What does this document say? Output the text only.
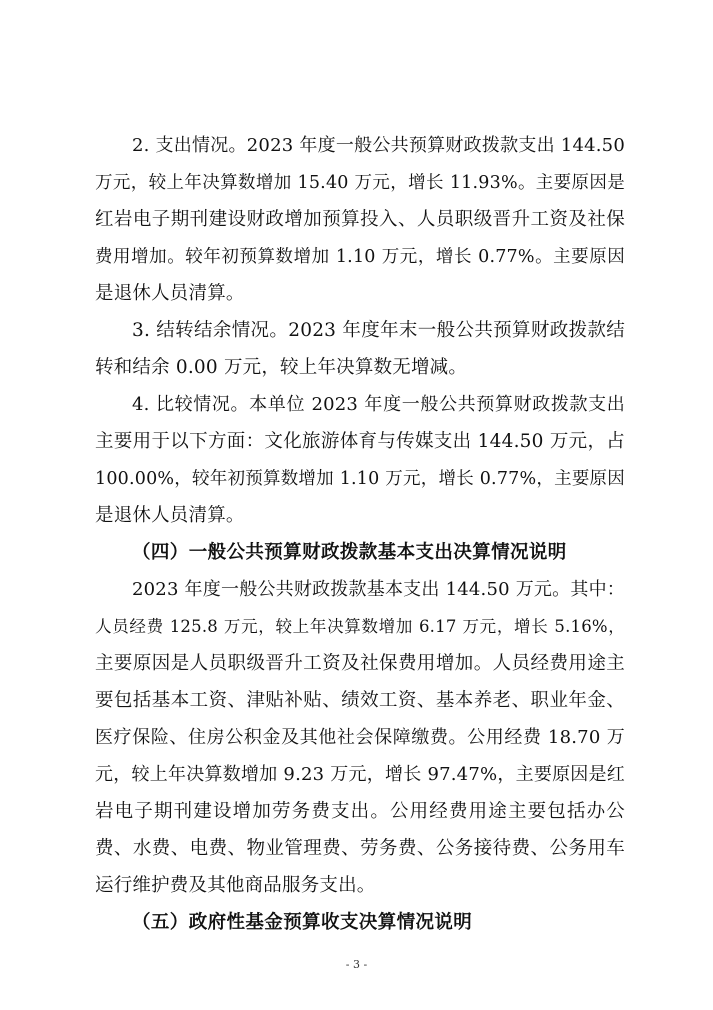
2. 支出情况。2023 年度一般公共预算财政拨款支出 144.50
万元，较上年决算数增加 15.40 万元，增长 11.93%。主要原因是
红岩电子期刊建设财政增加预算投入、人员职级晋升工资及社保
费用增加。较年初预算数增加 1.10 万元，增长 0.77%。主要原因
是退休人员清算。
3. 结转结余情况。2023 年度年末一般公共预算财政拨款结
转和结余 0.00 万元，较上年决算数无增减。
4. 比较情况。本单位 2023 年度一般公共预算财政拨款支出
主要用于以下方面：文化旅游体育与传媒支出 144.50 万元，占
100.00%，较年初预算数增加 1.10 万元，增长 0.77%，主要原因
是退休人员清算。
（四）一般公共预算财政拨款基本支出决算情况说明
2023 年度一般公共财政拨款基本支出 144.50 万元。其中：
人员经费 125.8 万元，较上年决算数增加 6.17 万元，增长 5.16%，
主要原因是人员职级晋升工资及社保费用增加。人员经费用途主
要包括基本工资、津贴补贴、绩效工资、基本养老、职业年金、
医疗保险、住房公积金及其他社会保障缴费。公用经费 18.70 万
元，较上年决算数增加 9.23 万元，增长 97.47%，主要原因是红
岩电子期刊建设增加劳务费支出。公用经费用途主要包括办公
费、水费、电费、物业管理费、劳务费、公务接待费、公务用车
运行维护费及其他商品服务支出。
（五）政府性基金预算收支决算情况说明
- 3 -
